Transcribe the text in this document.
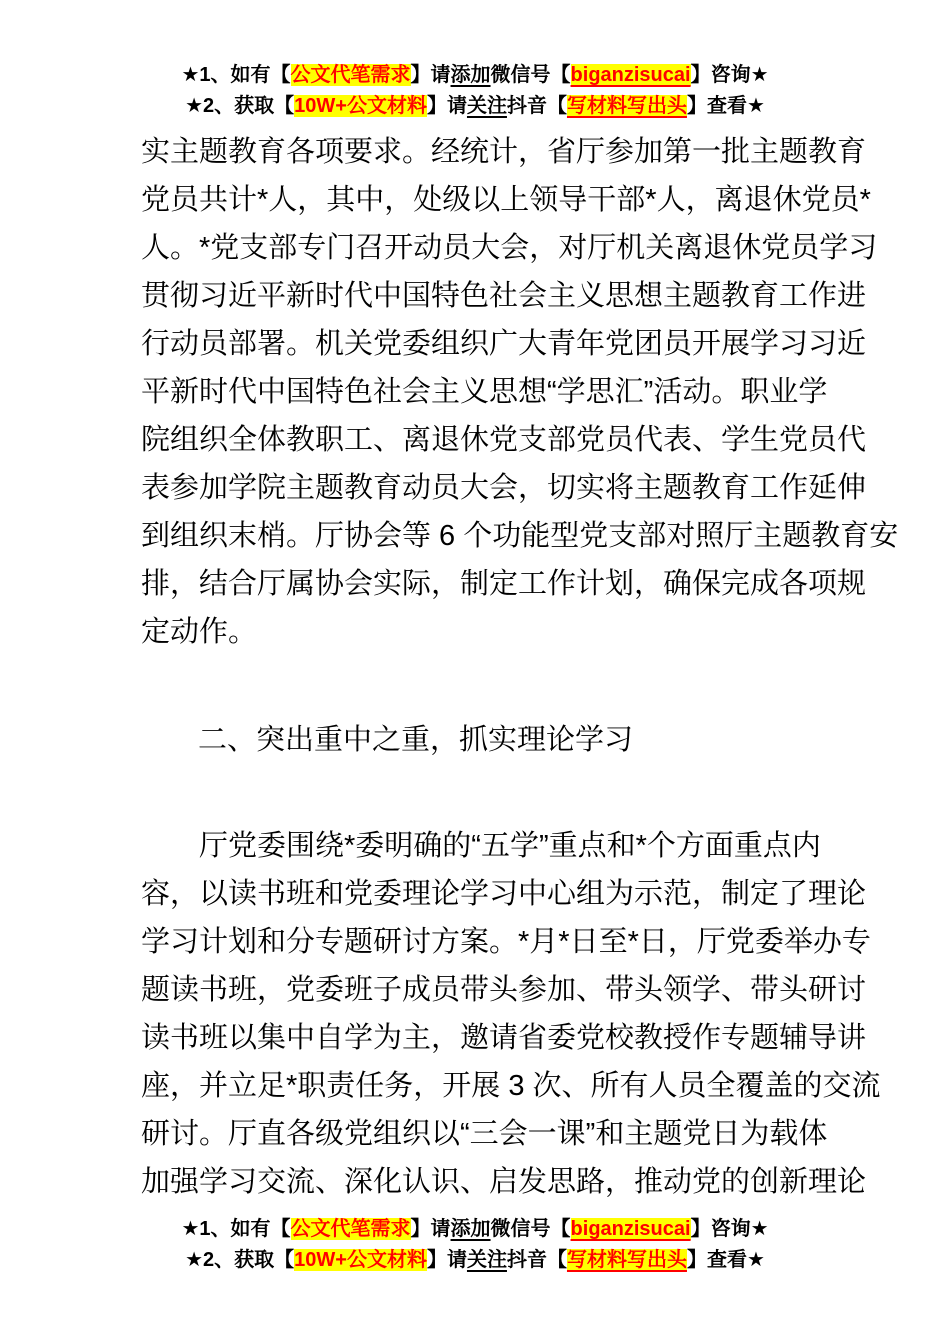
★1、如有【公文代笔需求】请添加微信号【biganzisucai】咨询★
★2、获取【10W+公文材料】请关注抖音【写材料写出头】查看★
实主题教育各项要求。经统计，省厅参加第一批主题教育
党员共计*人，其中，处级以上领导干部*人，离退休党员*
人。*党支部专门召开动员大会，对厅机关离退休党员学习
贯彻习近平新时代中国特色社会主义思想主题教育工作进
行动员部署。机关党委组织广大青年党团员开展学习习近
平新时代中国特色社会主义思想“学思汇”活动。职业学
院组织全体教职工、离退休党支部党员代表、学生党员代
表参加学院主题教育动员大会，切实将主题教育工作延伸
到组织末梢。厅协会等 6 个功能型党支部对照厅主题教育安
排，结合厅属协会实际，制定工作计划，确保完成各项规
定动作。
二、突出重中之重，抓实理论学习
厅党委围绕*委明确的“五学”重点和*个方面重点内
容，以读书班和党委理论学习中心组为示范，制定了理论
学习计划和分专题研讨方案。*月*日至*日，厅党委举办专
题读书班，党委班子成员带头参加、带头领学、带头研讨
读书班以集中自学为主，邀请省委党校教授作专题辅导讲
座，并立足*职责任务，开展 3 次、所有人员全覆盖的交流
研讨。厅直各级党组织以“三会一课”和主题党日为载体
加强学习交流、深化认识、启发思路，推动党的创新理论
★1、如有【公文代笔需求】请添加微信号【biganzisucai】咨询★
★2、获取【10W+公文材料】请关注抖音【写材料写出头】查看★
